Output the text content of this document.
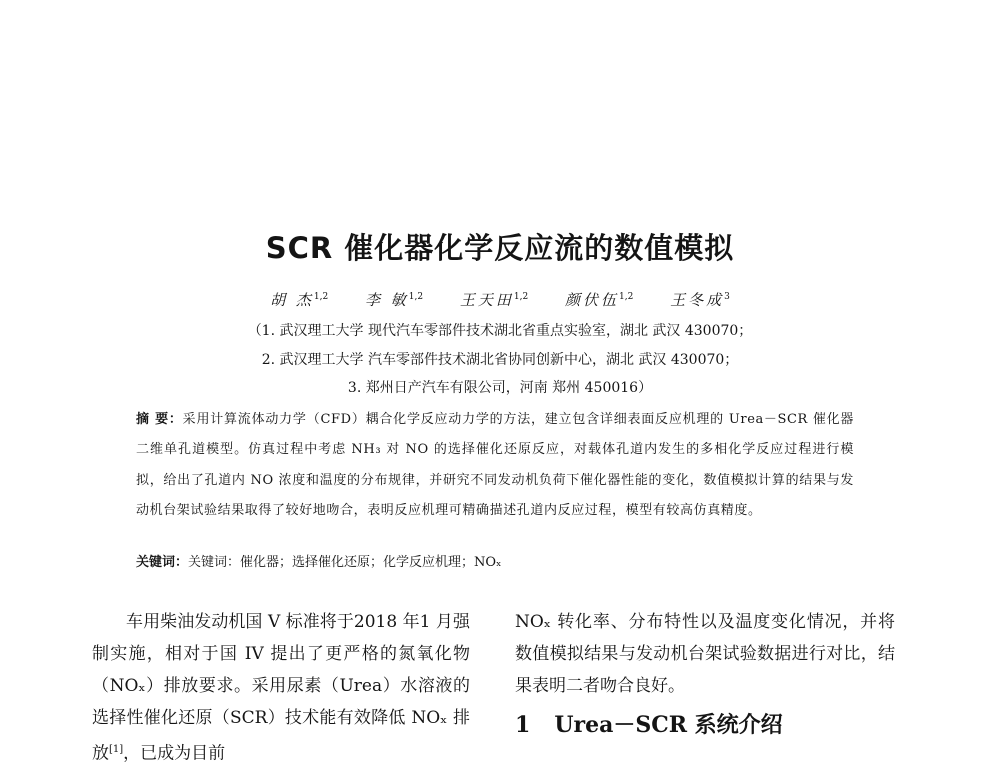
SCR 催化器化学反应流的数值模拟
胡 杰$^{1,2}$ 李 敏$^{1,2}$ 王天田$^{1,2}$ 颜伏伍$^{1,2}$ 王冬成$^3$
（1. 武汉理工大学 现代汽车零部件技术湖北省重点实验室，湖北 武汉 430070；
2. 武汉理工大学 汽车零部件技术湖北省协同创新中心，湖北 武汉 430070；
3. 郑州日产汽车有限公司，河南 郑州 450016）
摘 要：采用计算流体动力学（CFD）耦合化学反应动力学的方法，建立包含详细表面反应机理的 Urea－SCR 催化器二维单孔道模型。仿真过程中考虑 NH₃ 对 NO 的选择催化还原反应，对载体孔道内发生的多相化学反应过程进行模拟，给出了孔道内 NO 浓度和温度的分布规律，并研究不同发动机负荷下催化器性能的变化，数值模拟计算的结果与发动机台架试验结果取得了较好地吻合，表明反应机理可精确描述孔道内反应过程，模型有较高仿真精度。
关键词：关键词：催化器；选择催化还原；化学反应机理；NOₓ
车用柴油发动机国 V 标准将于2018 年1 月强制实施，相对于国 IV 提出了更严格的氮氧化物（NOₓ）排放要求。采用尿素（Urea）水溶液的选择性催化还原（SCR）技术能有效降低 NOₓ 排放[1]，已成为目前
NOₓ 转化率、分布特性以及温度变化情况，并将数值模拟结果与发动机台架试验数据进行对比，结果表明二者吻合良好。
1 Urea－SCR 系统介绍
